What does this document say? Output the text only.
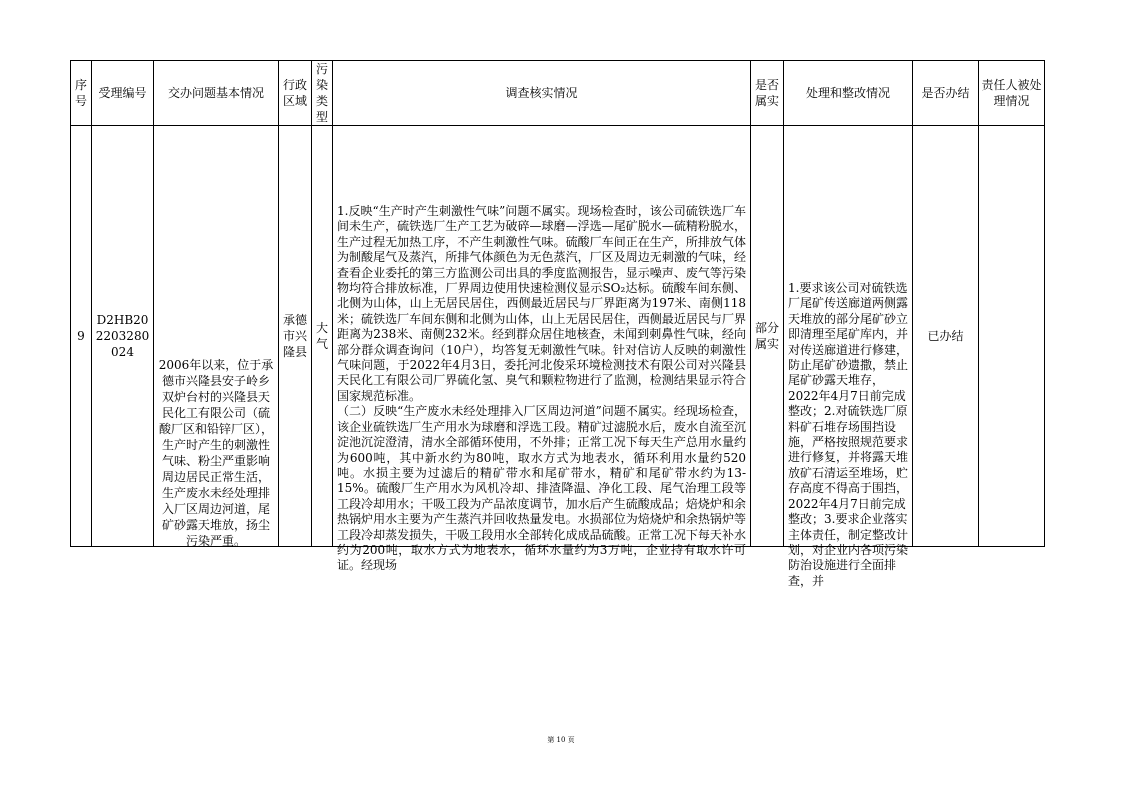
序号	受理编号	交办问题基本情况	行政区域	污染类型	调查核实情况	是否属实	处理和整改情况	是否办结	责任人被处理情况

9	D2HB202203280024	2006年以来，位于承德市兴隆县安子岭乡双炉台村的兴隆县天民化工有限公司（硫酸厂区和铅锌厂区），生产时产生的刺激性气味、粉尘严重影响周边居民正常生活，生产废水未经处理排入厂区周边河道，尾矿砂露天堆放，扬尘污染严重。	承德市兴隆县	大气	1.反映“生产时产生刺激性气味”问题不属实。现场检查时，该公司硫铁选厂车间未生产，硫铁选厂生产工艺为破碎—球磨—浮选—尾矿脱水—硫精粉脱水，生产过程无加热工序，不产生刺激性气味。硫酸厂车间正在生产，所排放气体为制酸尾气及蒸汽，所排气体颜色为无色蒸汽，厂区及周边无刺激的气味，经查看企业委托的第三方监测公司出具的季度监测报告，显示噪声、废气等污染物均符合排放标准，厂界周边使用快速检测仪显示SO₂达标。硫酸车间东侧、北侧为山体，山上无居民居住，西侧最近居民与厂界距离为197米、南侧118米；硫铁选厂车间东侧和北侧为山体，山上无居民居住，西侧最近居民与厂界距离为238米、南侧232米。经到群众居住地核查，未闻到刺鼻性气味，经向部分群众调查询问（10户），均答复无刺激性气味。针对信访人反映的刺激性气味问题，于2022年4月3日，委托河北俊采环境检测技术有限公司对兴隆县天民化工有限公司厂界硫化氢、臭气和颗粒物进行了监测，检测结果显示符合国家规范标准。
（二）反映“生产废水未经处理排入厂区周边河道”问题不属实。经现场检查，该企业硫铁选厂生产用水为球磨和浮选工段。精矿过滤脱水后，废水自流至沉淀池沉淀澄清，清水全部循环使用，不外排；正常工况下每天生产总用水量约为600吨，其中新水约为80吨，取水方式为地表水，循环利用水量约520吨。水损主要为过滤后的精矿带水和尾矿带水，精矿和尾矿带水约为13-15%。硫酸厂生产用水为风机冷却、排渣降温、净化工段、尾气治理工段等工段冷却用水；干吸工段为产品浓度调节，加水后产生硫酸成品；焙烧炉和余热锅炉用水主要为产生蒸汽并回收热量发电。水损部位为焙烧炉和余热锅炉等工段冷却蒸发损失，干吸工段用水全部转化成成品硫酸。正常工况下每天补水约为200吨，取水方式为地表水，循环水量约为3万吨，企业持有取水许可证。经现场	部分属实	1.要求该公司对硫铁选厂尾矿传送廊道两侧露天堆放的部分尾矿砂立即清理至尾矿库内，并对传送廊道进行修建，防止尾矿砂遗撒，禁止尾矿砂露天堆存，2022年4月7日前完成整改；2.对硫铁选厂原料矿石堆存场围挡设施，严格按照规范要求进行修复，并将露天堆放矿石清运至堆场，贮存高度不得高于围挡，2022年4月7日前完成整改；3.要求企业落实主体责任，制定整改计划，对企业内各项污染防治设施进行全面排查，并	已办结	

第 10 页
